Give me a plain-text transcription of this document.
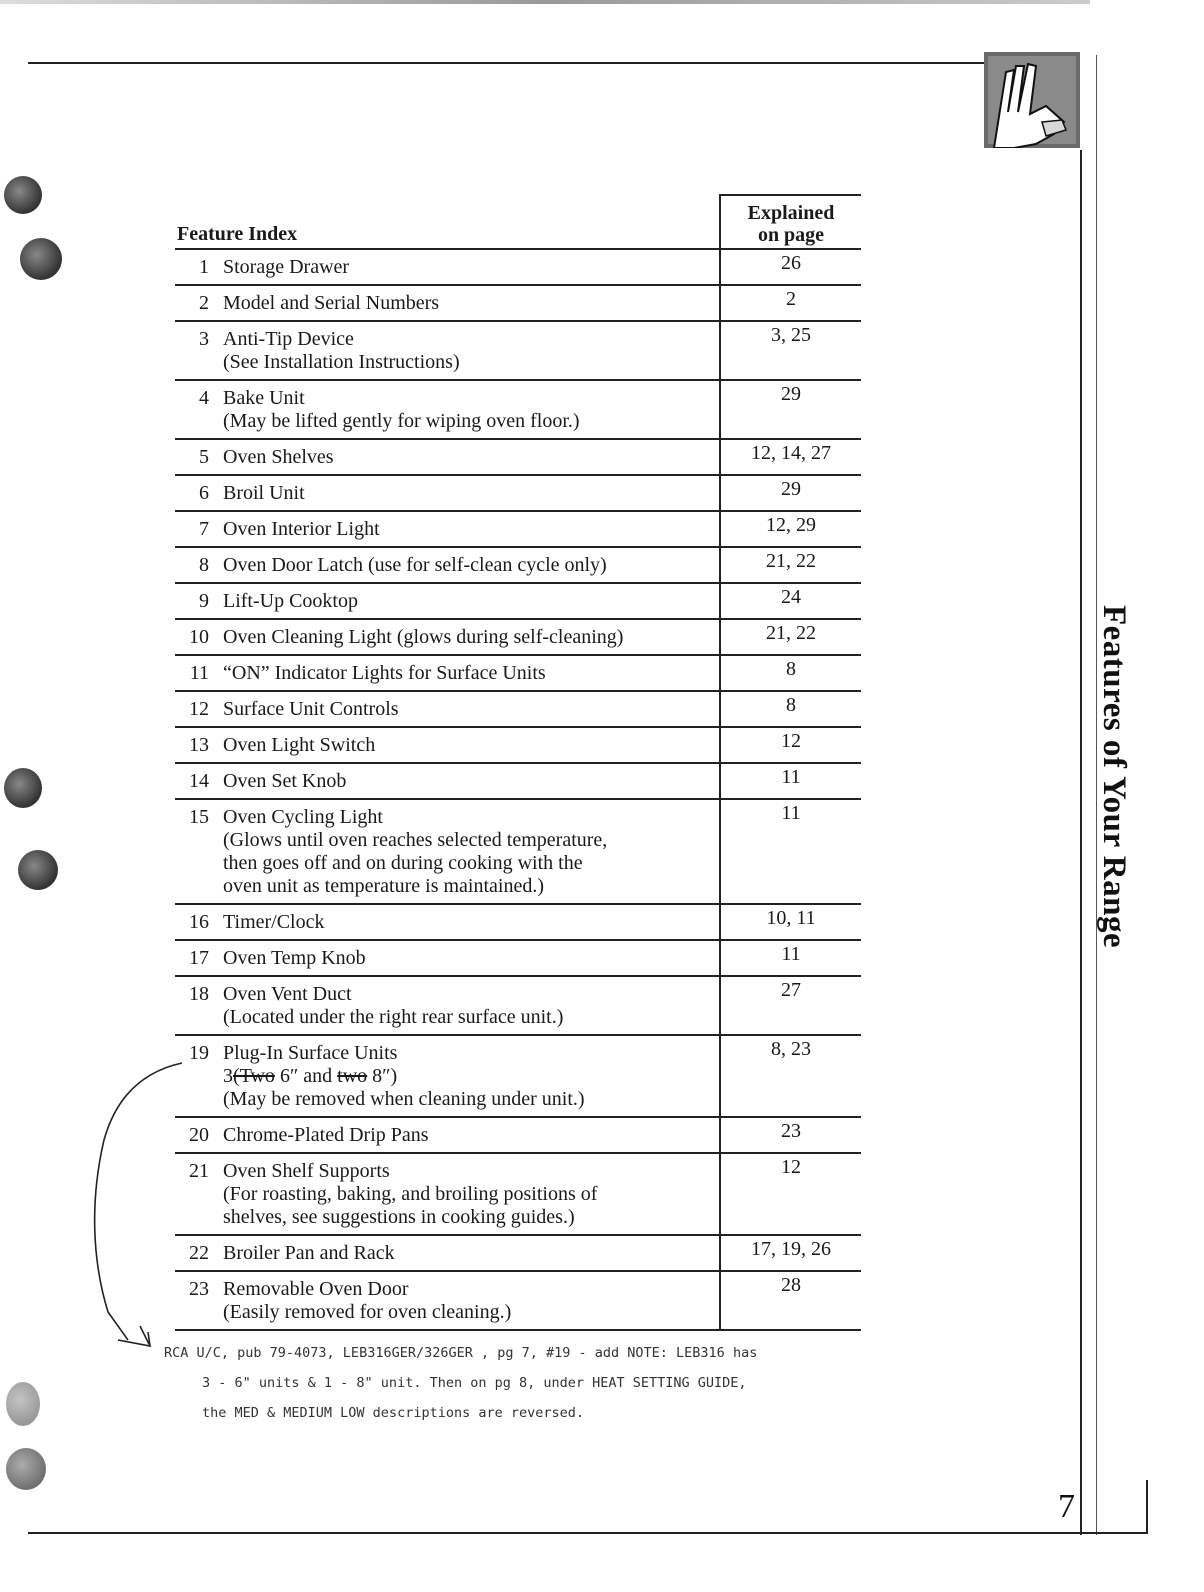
Features of Your Range
Feature Index		Explained
on page

1	Storage Drawer	26
2	Model and Serial Numbers	2
3	Anti-Tip Device
(See Installation Instructions)	3, 25
4	Bake Unit
(May be lifted gently for wiping oven floor.)	29
5	Oven Shelves	12, 14, 27
6	Broil Unit	29
7	Oven Interior Light	12, 29
8	Oven Door Latch (use for self-clean cycle only)	21, 22
9	Lift-Up Cooktop	24
10	Oven Cleaning Light (glows during self-cleaning)	21, 22
11	“ON” Indicator Lights for Surface Units	8
12	Surface Unit Controls	8
13	Oven Light Switch	12
14	Oven Set Knob	11
15	Oven Cycling Light
(Glows until oven reaches selected temperature,
then goes off and on during cooking with the
oven unit as temperature is maintained.)	11
16	Timer/Clock	10, 11
17	Oven Temp Knob	11
18	Oven Vent Duct
(Located under the right rear surface unit.)	27
19	Plug-In Surface Units
3(Two 6″ and two 8″)
(May be removed when cleaning under unit.)	8, 23
20	Chrome-Plated Drip Pans	23
21	Oven Shelf Supports
(For roasting, baking, and broiling positions of
shelves, see suggestions in cooking guides.)	12
22	Broiler Pan and Rack	17, 19, 26
23	Removable Oven Door
(Easily removed for oven cleaning.)	28
RCA U/C, pub 79-4073, LEB316GER/326GER , pg 7, #19 - add NOTE: LEB316 has
3 - 6" units & 1 - 8" unit. Then on pg 8, under HEAT SETTING GUIDE,
the MED & MEDIUM LOW descriptions are reversed.
7
